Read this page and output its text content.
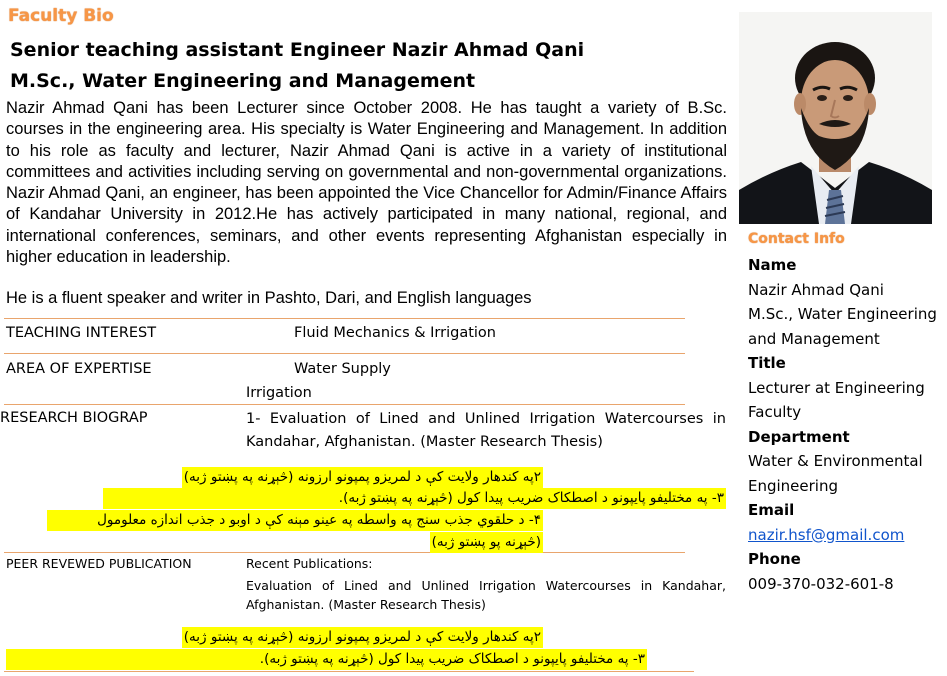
Faculty Bio
Senior teaching assistant Engineer Nazir Ahmad Qani
M.Sc., Water Engineering and Management

Nazir Ahmad Qani has been Lecturer since October 2008. He has taught a variety of B.Sc. courses in the engineering area. His specialty is Water Engineering and Management. In addition to his role as faculty and lecturer, Nazir Ahmad Qani is active in a variety of institutional committees and activities including serving on governmental and non-governmental organizations. Nazir Ahmad Qani, an engineer, has been appointed the Vice Chancellor for Admin/Finance Affairs of Kandahar University in 2012.He has actively participated in many national, regional, and international conferences, seminars, and other events representing Afghanistan especially in higher education in leadership.

He is a fluent speaker and writer in Pashto, Dari, and English languages
TEACHING INTEREST	Fluid Mechanics & Irrigation
AREA OF EXPERTISE	Water Supply
Irrigation
RESEARCH BIOGRAP	1- Evaluation of Lined and Unlined Irrigation Watercourses in Kandahar, Afghanistan. (Master Research Thesis)

۲په کندهار ولايت کې د لمريزو پمپونو ارزونه (څېړنه په پښتو ژبه)
۳- په مختليفو پايپونو د اصطکاک ضريب پيدا کول (څېړنه په پښتو ژبه).
۴- د حلقوي جذب سنج په واسطه په عينو مېنه کې د اوبو د جذب اندازه معلومول
(څېړنه پو پښتو ژبه)
PEER REVEWED PUBLICATION	Recent Publications:

Evaluation of Lined and Unlined Irrigation Watercourses in Kandahar, Afghanistan. (Master Research Thesis)

۲په کندهار ولايت کې د لمريزو پمپونو ارزونه (څېړنه په پښتو ژبه)
۳- په مختليفو پايپونو د اصطکاک ضريب پيدا کول (څېړنه په پښتو ژبه).
Contact Info
Name
Nazir Ahmad Qani
M.Sc., Water Engineering
and Management
Title
Lecturer at Engineering
Faculty
Department
Water & Environmental
Engineering
Email
nazir.hsf@gmail.com
Phone
009-370-032-601-8
